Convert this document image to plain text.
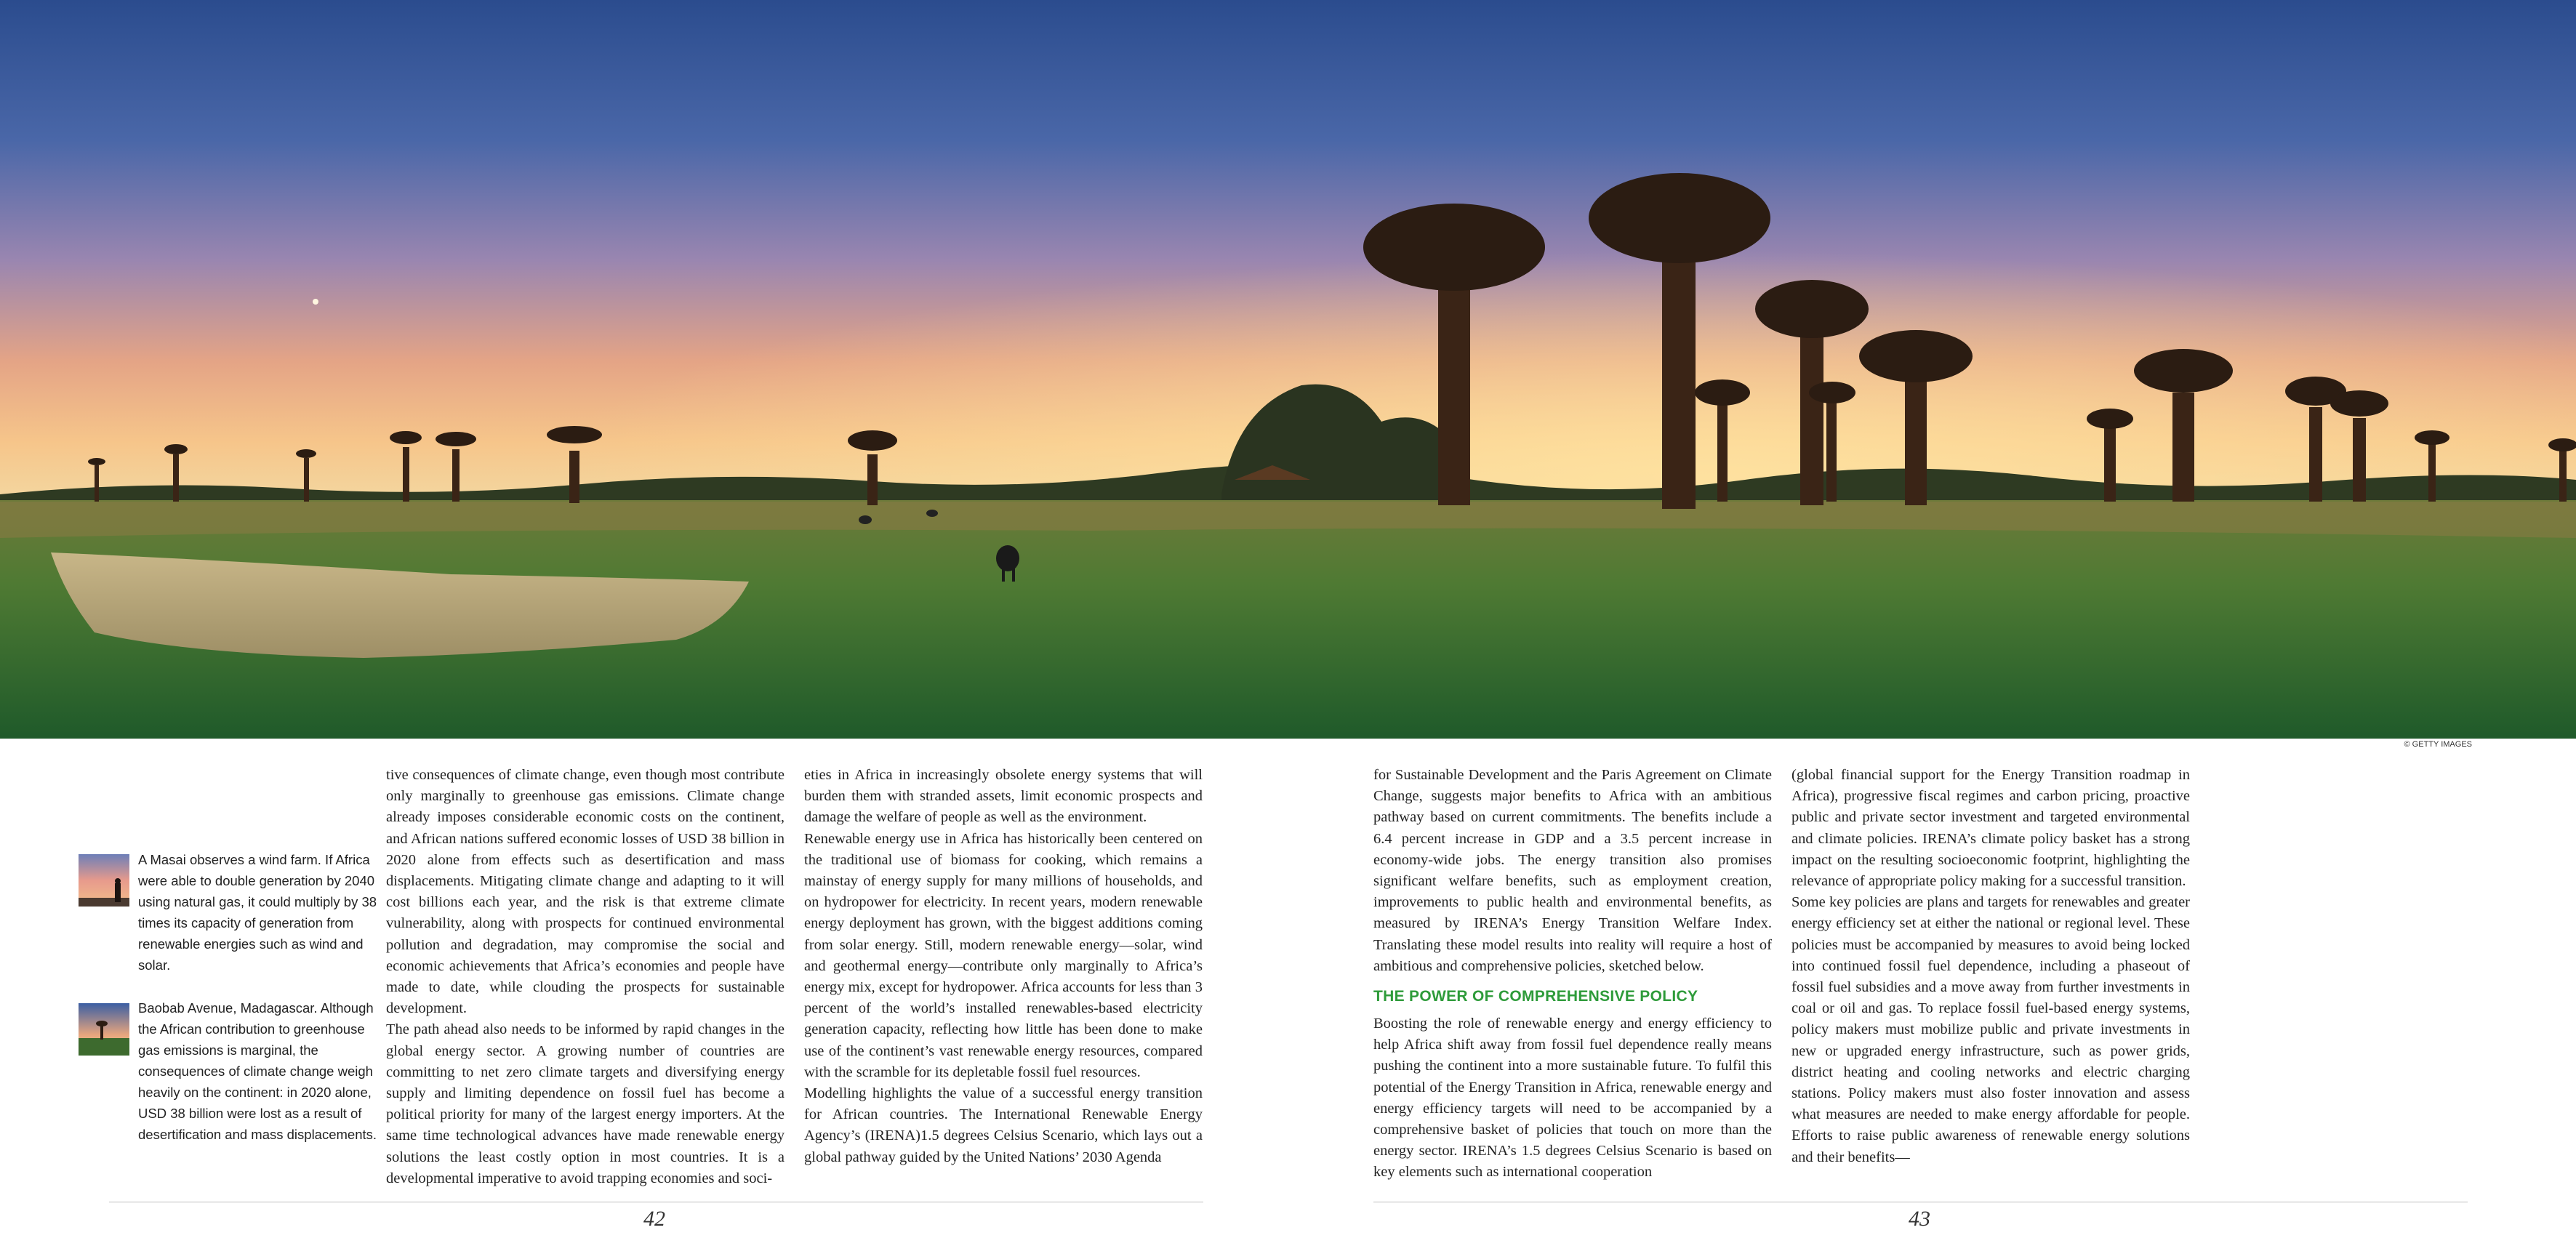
© GETTY IMAGES
A Masai observes a wind farm. If Africa were able to double generation by 2040 using natural gas, it could multiply by 38 times its capacity of generation from renewable energies such as wind and solar.
Baobab Avenue, Madagascar. Although the African contribution to greenhouse gas emissions is marginal, the consequences of climate change weigh heavily on the continent: in 2020 alone, USD 38 billion were lost as a result of desertification and mass displacements.

tive consequences of climate change, even though most contribute only marginally to greenhouse gas emissions. Climate change already imposes considerable economic costs on the continent, and African nations suffered economic losses of USD 38 billion in 2020 alone from effects such as desertification and mass displacements. Mitigating climate change and adapting to it will cost billions each year, and the risk is that extreme climate vulnerability, along with prospects for continued environmental pollution and degradation, may compromise the social and economic achievements that Africa’s economies and people have made to date, while clouding the prospects for sustainable development.

The path ahead also needs to be informed by rapid changes in the global energy sector. A growing number of countries are committing to net zero climate targets and diversifying energy supply and limiting dependence on fossil fuel has become a political priority for many of the largest energy importers. At the same time technological advances have made renewable energy solutions the least costly option in most countries. It is a developmental imperative to avoid trapping economies and soci-

eties in Africa in increasingly obsolete energy systems that will burden them with stranded assets, limit economic prospects and damage the welfare of people as well as the environment.

Renewable energy use in Africa has historically been centered on the traditional use of biomass for cooking, which remains a mainstay of energy supply for many millions of households, and on hydropower for electricity. In recent years, modern renewable energy deployment has grown, with the biggest additions coming from solar energy. Still, modern renewable energy—solar, wind and geothermal energy—contribute only marginally to Africa’s energy mix, except for hydropower. Africa accounts for less than 3 percent of the world’s installed renewables-based electricity generation capacity, reflecting how little has been done to make use of the continent’s vast renewable energy resources, compared with the scramble for its depletable fossil fuel resources.

Modelling highlights the value of a successful energy transition for African countries. The International Renewable Energy Agency’s (IRENA)1.5 degrees Celsius Scenario, which lays out a global pathway guided by the United Nations’ 2030 Agenda

for Sustainable Development and the Paris Agreement on Climate Change, suggests major benefits to Africa with an ambitious pathway based on current commitments. The benefits include a 6.4 percent increase in GDP and a 3.5 percent increase in economy-wide jobs. The energy transition also promises significant welfare benefits, such as employment creation, improvements to public health and environmental benefits, as measured by IRENA’s Energy Transition Welfare Index. Translating these model results into reality will require a host of ambitious and comprehensive policies, sketched below.

THE POWER OF COMPREHENSIVE POLICY

Boosting the role of renewable energy and energy efficiency to help Africa shift away from fossil fuel dependence really means pushing the continent into a more sustainable future. To fulfil this potential of the Energy Transition in Africa, renewable energy and energy efficiency targets will need to be accompanied by a comprehensive basket of policies that touch on more than the energy sector. IRENA’s 1.5 degrees Celsius Scenario is based on key elements such as international cooperation

(global financial support for the Energy Transition roadmap in Africa), progressive fiscal regimes and carbon pricing, proactive public and private sector investment and targeted environmental and climate policies. IRENA’s climate policy basket has a strong impact on the resulting socioeconomic footprint, highlighting the relevance of appropriate policy making for a successful transition.

Some key policies are plans and targets for renewables and greater energy efficiency set at either the national or regional level. These policies must be accompanied by measures to avoid being locked into continued fossil fuel dependence, including a phaseout of fossil fuel subsidies and a move away from further investments in coal or oil and gas. To replace fossil fuel-based energy systems, policy makers must mobilize public and private investments in new or upgraded energy infrastructure, such as power grids, district heating and cooling networks and electric charging stations. Policy makers must also foster innovation and assess what measures are needed to make energy affordable for people. Efforts to raise public awareness of renewable energy solutions and their benefits—

42	43
